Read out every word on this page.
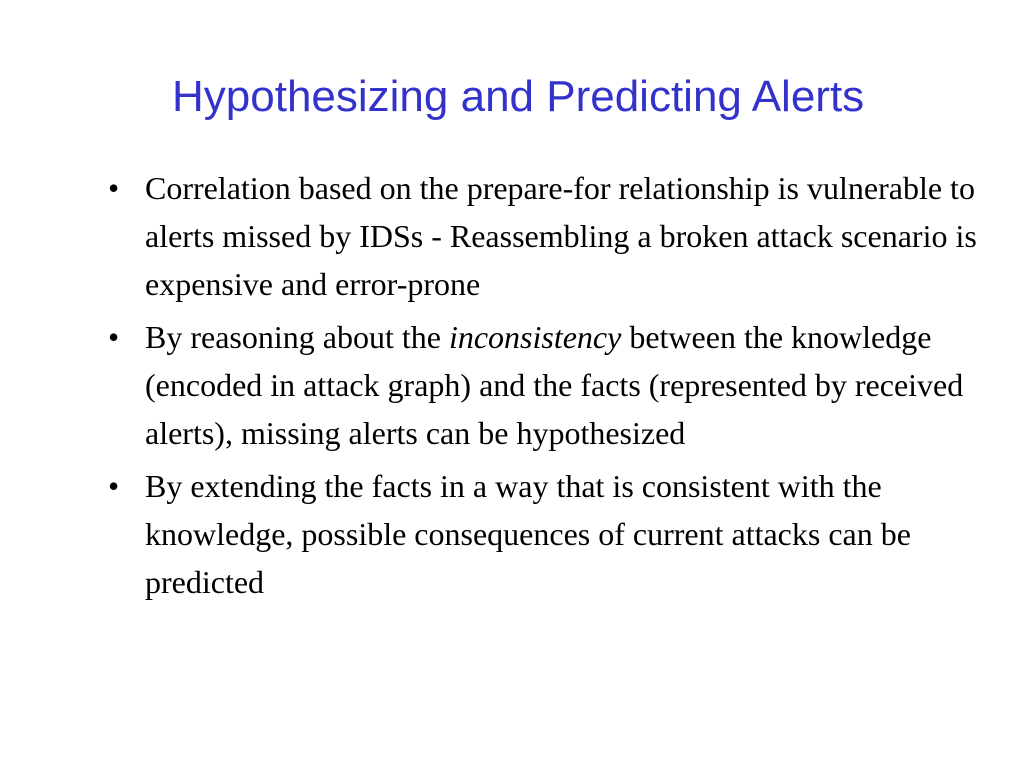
Hypothesizing and Predicting Alerts
• Correlation based on the prepare-for relationship is vulnerable to alerts missed by IDSs - Reassembling a broken attack scenario is expensive and error-prone
• By reasoning about the inconsistency between the knowledge (encoded in attack graph) and the facts (represented by received alerts), missing alerts can be hypothesized
• By extending the facts in a way that is consistent with the knowledge, possible consequences of current attacks can be predicted
